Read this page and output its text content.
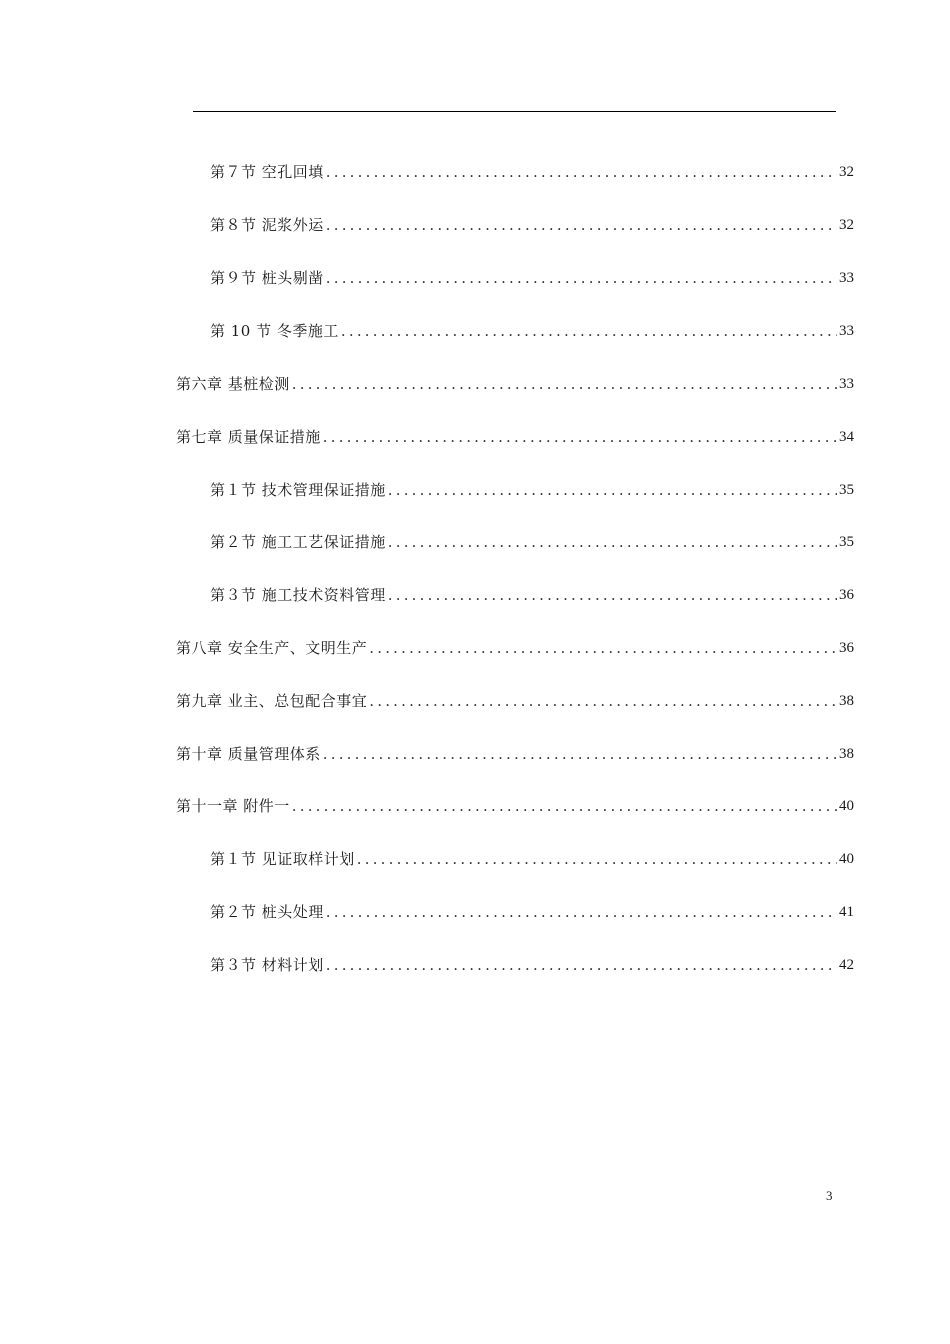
第７节 空孔回填 .....	32
第８节 泥浆外运 .....	32
第９节 桩头剔凿 .....	33
第 10 节 冬季施工 .....	33
第六章 基桩检测 .....	33
第七章 质量保证措施 .....	34
第１节 技术管理保证措施 .....	35
第２节 施工工艺保证措施 .....	35
第３节 施工技术资料管理 .....	36
第八章 安全生产、文明生产 .....	36
第九章 业主、总包配合事宜 .....	38
第十章 质量管理体系 .....	38
第十一章 附件一 .....	40
第１节 见证取样计划 .....	40
第２节 桩头处理 .....	41
第３节 材料计划 .....	42
3
